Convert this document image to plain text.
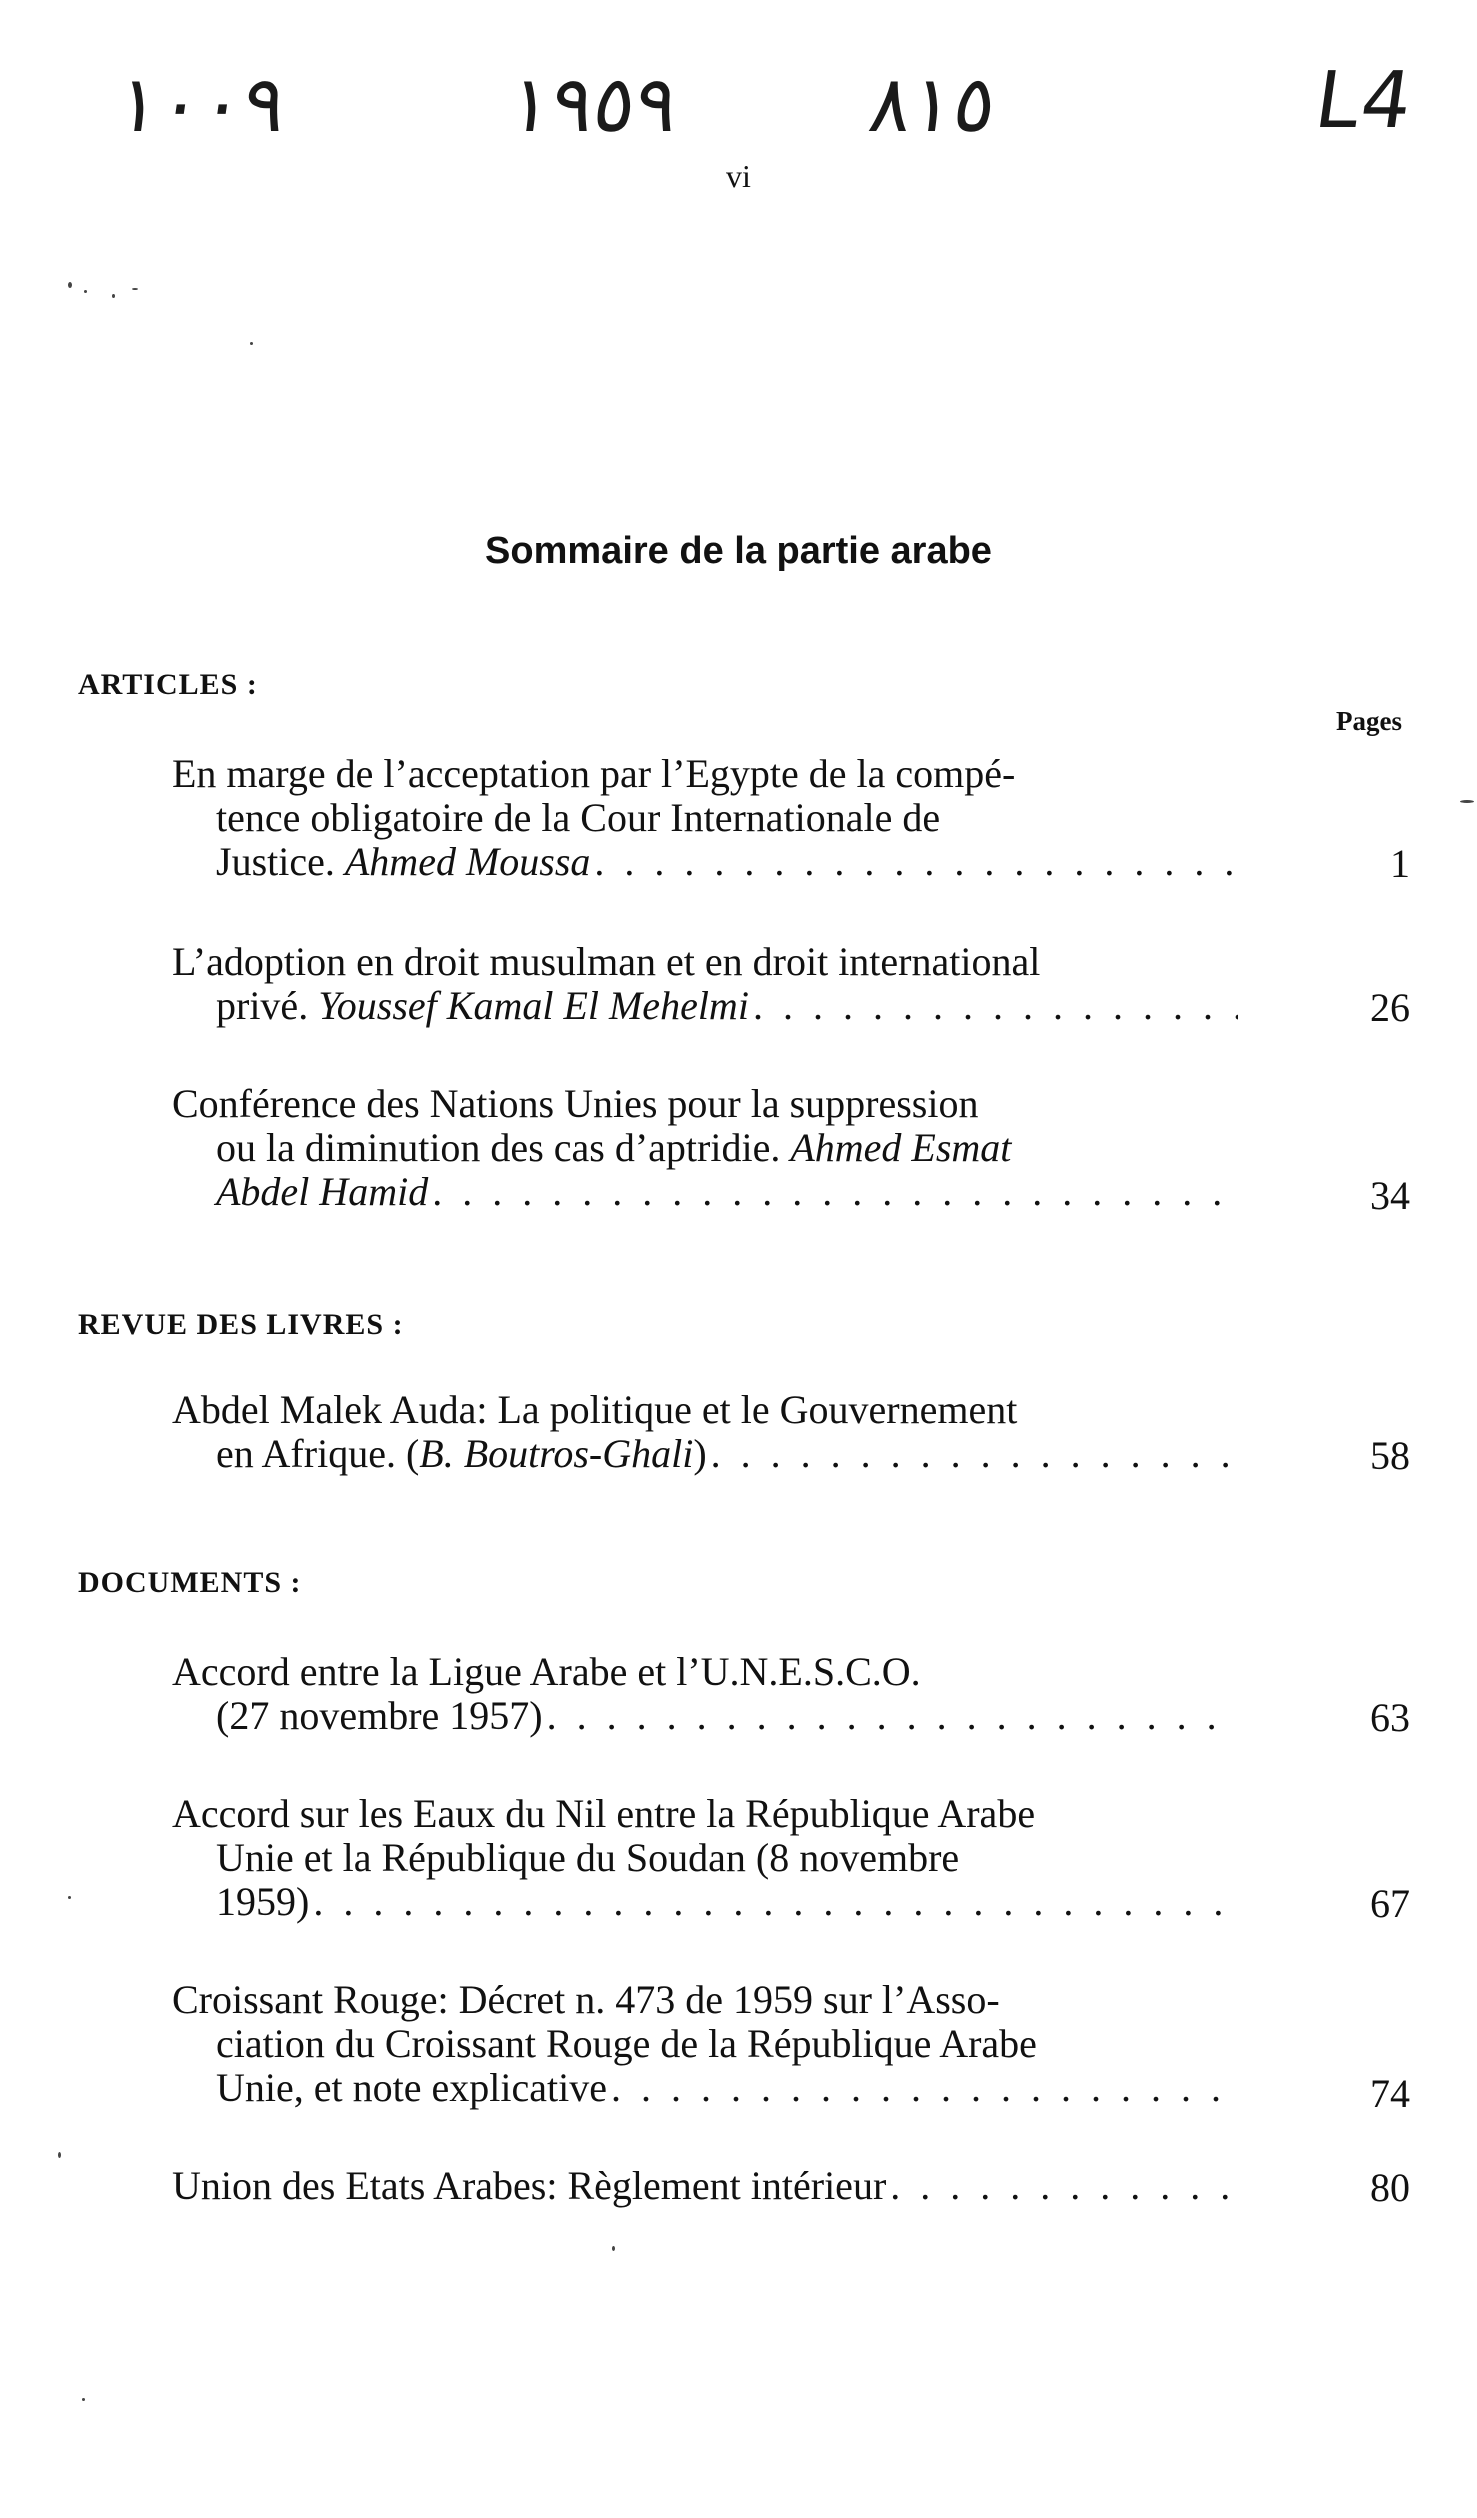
١٠٠٩	١٩٥٩ ٨١٥	L4
vi
Sommaire de la partie arabe
ARTICLES :
Pages
En marge de l’acceptation par l’Egypte de la compé-
tence obligatoire de la Cour Internationale de
Justice. Ahmed Moussa . . .	1
L’adoption en droit musulman et en droit international
privé. Youssef Kamal El Mehelmi . . .	26
Conférence des Nations Unies pour la suppression
ou la diminution des cas d’aptridie. Ahmed Esmat
Abdel Hamid . . .	34
REVUE DES LIVRES :
Abdel Malek Auda: La politique et le Gouvernement
en Afrique. (B. Boutros-Ghali) . . .	58
DOCUMENTS :
Accord entre la Ligue Arabe et l’U.N.E.S.C.O.
(27 novembre 1957) . . .	63
Accord sur les Eaux du Nil entre la République Arabe
Unie et la République du Soudan (8 novembre
1959) . . .	67
Croissant Rouge: Décret n. 473 de 1959 sur l’Asso-
ciation du Croissant Rouge de la République Arabe
Unie, et note explicative . . .	74
Union des Etats Arabes: Règlement intérieur . . .	80
